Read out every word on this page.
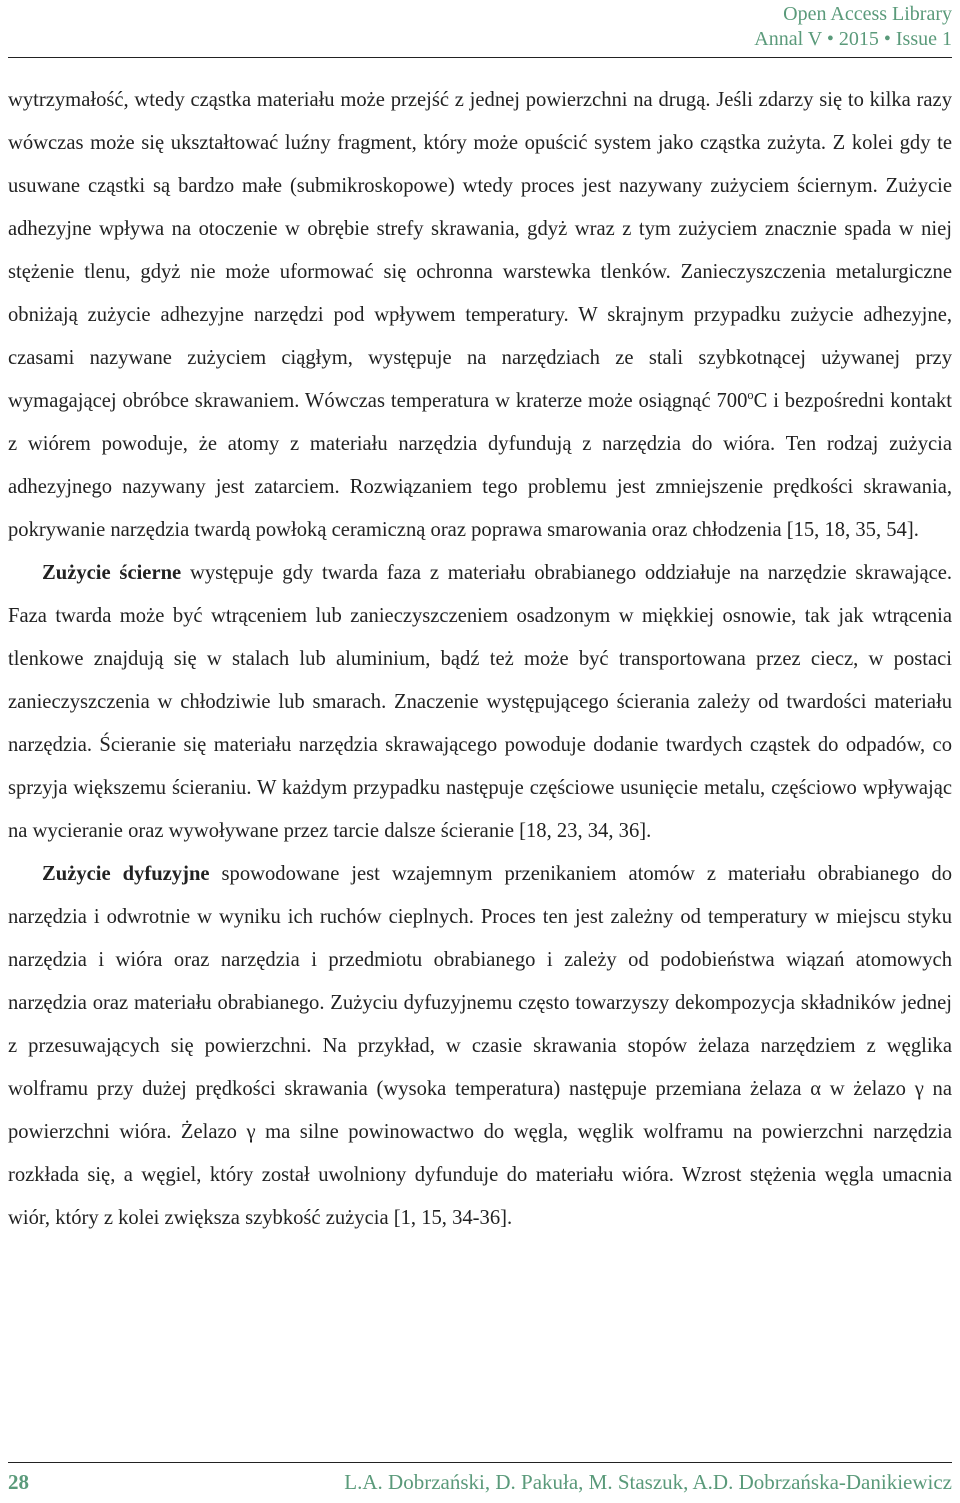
Open Access Library
Annal V • 2015 • Issue 1

wytrzymałość, wtedy cząstka materiału może przejść z jednej powierzchni na drugą. Jeśli zdarzy się to kilka razy wówczas może się ukształtować luźny fragment, który może opuścić system jako cząstka zużyta. Z kolei gdy te usuwane cząstki są bardzo małe (submikroskopowe) wtedy proces jest nazywany zużyciem ściernym. Zużycie adhezyjne wpływa na otoczenie w obrębie strefy skrawania, gdyż wraz z tym zużyciem znacznie spada w niej stężenie tlenu, gdyż nie może uformować się ochronna warstewka tlenków. Zanieczyszczenia metalurgiczne obniżają zużycie adhezyjne narzędzi pod wpływem temperatury. W skrajnym przypadku zużycie adhezyjne, czasami nazywane zużyciem ciągłym, występuje na narzędziach ze stali szybkotnącej używanej przy wymagającej obróbce skrawaniem. Wówczas temperatura w kraterze może osiągnąć 700$^o$C i bezpośredni kontakt z wiórem powoduje, że atomy z materiału narzędzia dyfundują z narzędzia do wióra. Ten rodzaj zużycia adhezyjnego nazywany jest zatarciem. Rozwiązaniem tego problemu jest zmniejszenie prędkości skrawania, pokrywanie narzędzia twardą powłoką ceramiczną oraz poprawa smarowania oraz chłodzenia [15, 18, 35, 54].

Zużycie ścierne występuje gdy twarda faza z materiału obrabianego oddziałuje na narzędzie skrawające. Faza twarda może być wtrąceniem lub zanieczyszczeniem osadzonym w miękkiej osnowie, tak jak wtrącenia tlenkowe znajdują się w stalach lub aluminium, bądź też może być transportowana przez ciecz, w postaci zanieczyszczenia w chłodziwie lub smarach. Znaczenie występującego ścierania zależy od twardości materiału narzędzia. Ścieranie się materiału narzędzia skrawającego powoduje dodanie twardych cząstek do odpadów, co sprzyja większemu ścieraniu. W każdym przypadku następuje częściowe usunięcie metalu, częściowo wpływając na wycieranie oraz wywoływane przez tarcie dalsze ścieranie [18, 23, 34, 36].

Zużycie dyfuzyjne spowodowane jest wzajemnym przenikaniem atomów z materiału obrabianego do narzędzia i odwrotnie w wyniku ich ruchów cieplnych. Proces ten jest zależny od temperatury w miejscu styku narzędzia i wióra oraz narzędzia i przedmiotu obrabianego i zależy od podobieństwa wiązań atomowych narzędzia oraz materiału obrabianego. Zużyciu dyfuzyjnemu często towarzyszy dekompozycja składników jednej z przesuwających się powierzchni. Na przykład, w czasie skrawania stopów żelaza narzędziem z węglika wolframu przy dużej prędkości skrawania (wysoka temperatura) następuje przemiana żelaza α w żelazo γ na powierzchni wióra. Żelazo γ ma silne powinowactwo do węgla, węglik wolframu na powierzchni narzędzia rozkłada się, a węgiel, który został uwolniony dyfunduje do materiału wióra. Wzrost stężenia węgla umacnia wiór, który z kolei zwiększa szybkość zużycia [1, 15, 34-36].

28	L.A. Dobrzański, D. Pakuła, M. Staszuk, A.D. Dobrzańska-Danikiewicz
